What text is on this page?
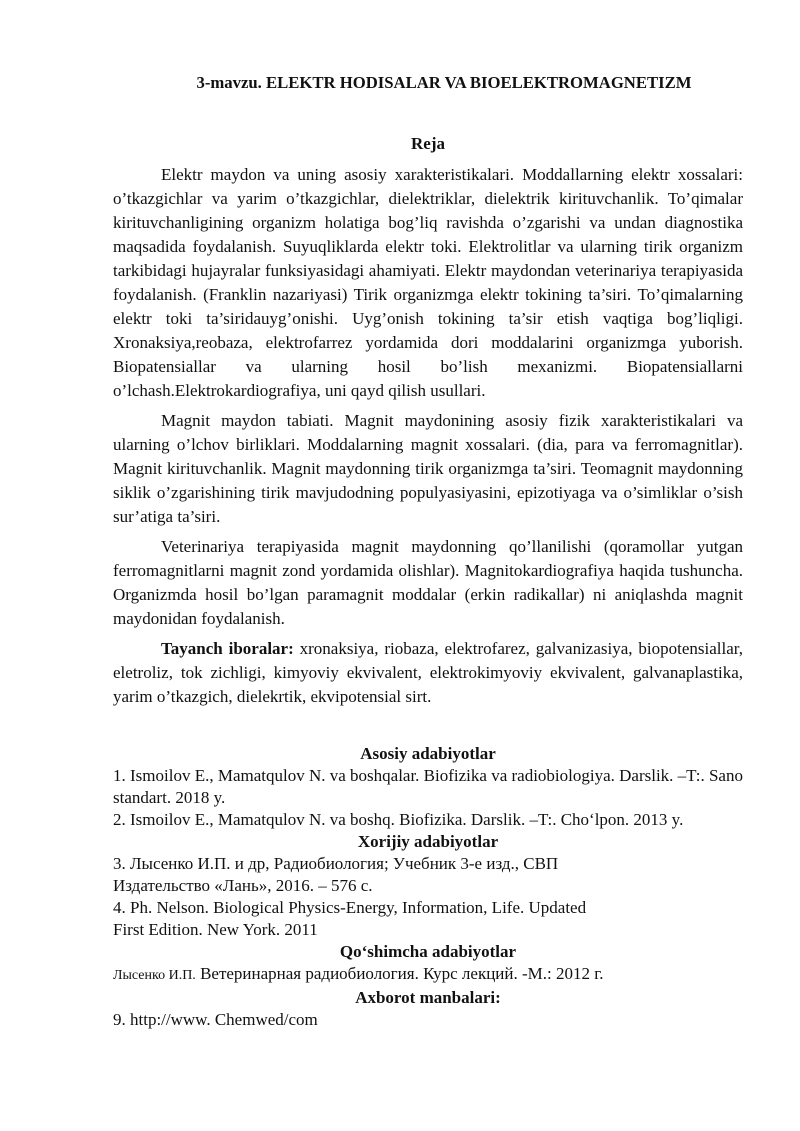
3-mavzu. ELEKTR HODISALAR VA BIOELEKTROMAGNETIZM
Reja

Elektr maydon va uning asosiy xarakteristikalari. Moddallarning elektr xossalari: o’tkazgichlar va yarim o’tkazgichlar, dielektriklar, dielektrik kirituvchanlik. To’qimalar kirituvchanligining organizm holatiga bog’liq ravishda o’zgarishi va undan diagnostika maqsadida foydalanish. Suyuqliklarda elektr toki. Elektrolitlar va ularning tirik organizm tarkibidagi hujayralar funksiyasidagi ahamiyati. Elektr maydondan veterinariya terapiyasida foydalanish. (Franklin nazariyasi) Tirik organizmga elektr tokining ta’siri. To’qimalarning elektr toki ta’siridauyg’onishi. Uyg’onish tokining ta’sir etish vaqtiga bog’liqligi. Xronaksiya,reobaza, elektrofarrez yordamida dori moddalarini organizmga yuborish. Biopatensiallar va ularning hosil bo’lish mexanizmi. Biopatensiallarni o’lchash.Elektrokardiografiya, uni qayd qilish usullari.

Magnit maydon tabiati. Magnit maydonining asosiy fizik xarakteristikalari va ularning o’lchov birliklari. Moddalarning magnit xossalari. (dia, para va ferromagnitlar). Magnit kirituvchanlik. Magnit maydonning tirik organizmga ta’siri. Teomagnit maydonning siklik o’zgarishining tirik mavjudodning populyasiyasini, epizotiyaga va o’simliklar o’sish sur’atiga ta’siri.

Veterinariya terapiyasida magnit maydonning qo’llanilishi (qoramollar yutgan ferromagnitlarni magnit zond yordamida olishlar). Magnitokardiografiya haqida tushuncha. Organizmda hosil bo’lgan paramagnit moddalar (erkin radikallar) ni aniqlashda magnit maydonidan foydalanish.

Tayanch iboralar: xronaksiya, riobaza, elektrofarez, galvanizasiya, biopotensiallar, eletroliz, tok zichligi, kimyoviy ekvivalent, elektrokimyoviy ekvivalent, galvanaplastika, yarim o’tkazgich, dielekrtik, ekvipotensial sirt.

Asosiy adabiyotlar

1. Ismoilov E., Mamatqulov N. va boshqalar. Biofizika va radiobiologiya. Darslik. –T:. Sano standart. 2018 y.

2. Ismoilov E., Mamatqulov N. va boshq. Biofizika. Darslik. –T:. Cho‘lpon. 2013 y.

Xorijiy adabiyotlar

3. Лысенко И.П. и др, Радиобиология; Учебник 3-е изд., СВП
Издательство «Лань», 2016. – 576 с.

4. Ph. Nelson. Biological Physics-Energy, Information, Life. Updated
First Edition. New York. 2011

Qo‘shimcha adabiyotlar

Лысенко И.П. Ветеринарная радиобиология. Курс лекций. -М.: 2012 г.

Axborot manbalari:

9. http://www. Chemwed/com
